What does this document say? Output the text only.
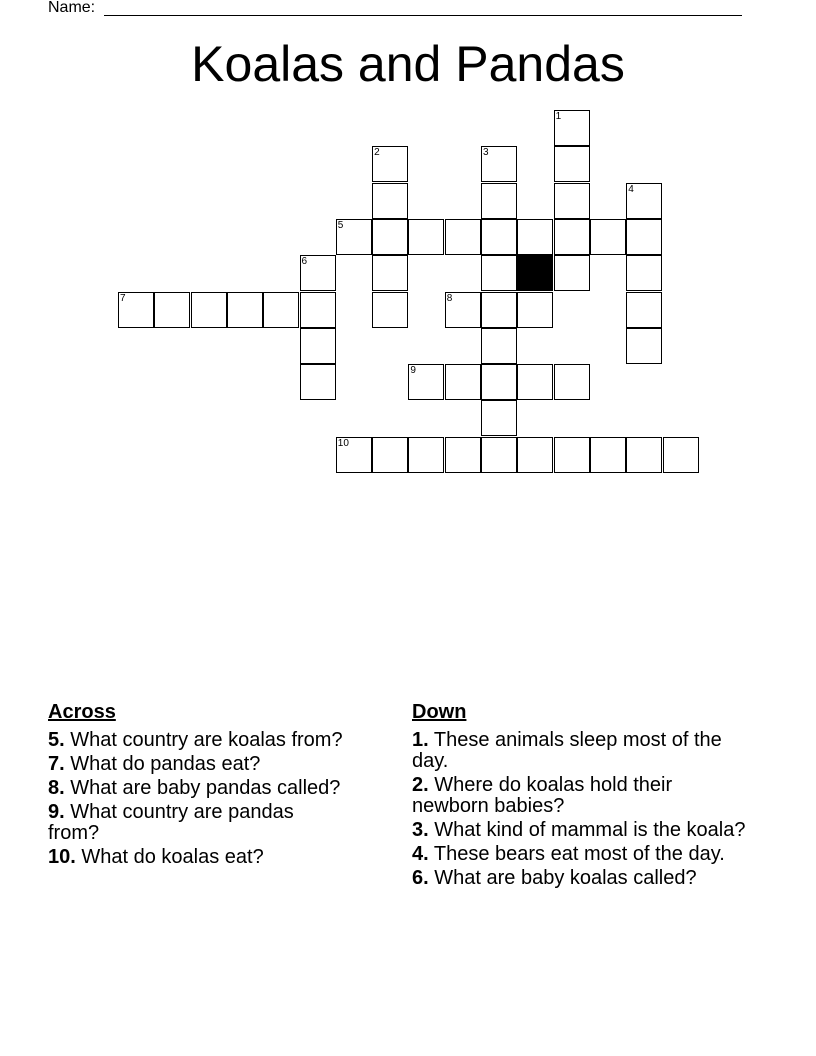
Name:
Koalas and Pandas
1
2	3
4
5
6
7	8
9
10
Across
5. What country are koalas from?
7. What do pandas eat?
8. What are baby pandas called?
9. What country are pandas from?
10. What do koalas eat?
Down
1. These animals sleep most of the day.
2. Where do koalas hold their newborn babies?
3. What kind of mammal is the koala?
4. These bears eat most of the day.
6. What are baby koalas called?
